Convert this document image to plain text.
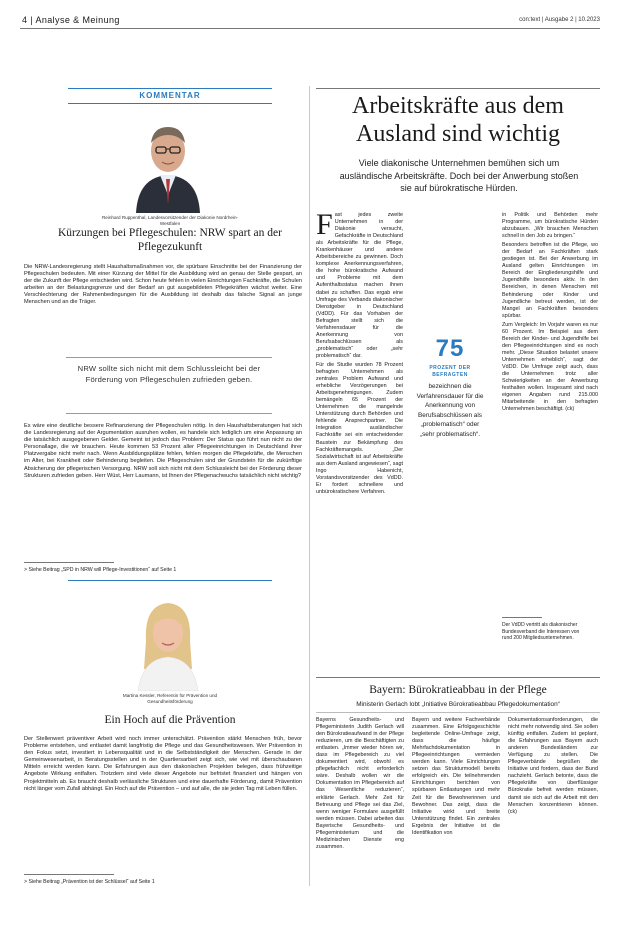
4 | Analyse & Meinung	con:text | Ausgabe 2 | 10.2023
KOMMENTAR
Reinhard Ruppenthal, Landesvorsitzender der Diakonie Nordrhein-Westfalen
Kürzungen bei Pflegeschulen: NRW spart an der Pflegezukunft

Die NRW-Landesregierung stellt Haushaltsmaßnahmen vor, die spürbare Einschnitte bei der Finanzierung der Pflegeschulen bedeuten. Mit einer Kürzung der Mittel für die Ausbildung wird an genau der Stelle gespart, an der die Zukunft der Pflege entschieden wird. Schon heute fehlen in vielen Einrichtungen Fachkräfte, die Schulen arbeiten an der Belastungsgrenze und der Bedarf an gut ausgebildeten Pflegekräften wächst weiter. Eine Verschlechterung der Rahmenbedingungen für die Ausbildung ist deshalb das falsche Signal an junge Menschen und an die Träger.

NRW sollte sich nicht mit dem Schlussleicht bei der Förderung von Pflegeschulen zufrieden geben.

Es wäre eine deutliche bessere Refinanzierung der Pflegeschulen nötig. In den Haushaltsberatungen hat sich die Landesregierung auf der Argumentation ausruhen wollen, es handele sich lediglich um eine Anpassung an die tatsächlich ausgegebenen Gelder. Gemeint ist jedoch das Problem: Der Status quo führt nun nicht zu der Personallage, die wir brauchen. Heute kommen 53 Prozent aller Pflegeeinrichtungen in Deutschland ihrer Platzvergabe nicht mehr nach. Wenn Ausbildungsplätze fehlen, fehlen morgen die Pflegekräfte, die Menschen im Alter, bei Krankheit oder Behinderung begleiten. Die Pflegeschulen sind der Grundstein für die zukünftige Absicherung der pflegerischen Versorgung. NRW soll sich nicht mit dem Schlussleicht bei der Förderung dieser Strukturen zufrieden geben. Herr Wüst, Herr Laumann, ist Ihnen der Pflegenachwuchs tatsächlich nicht wichtig?

> Siehe Beitrag „SPD in NRW will Pflege-Investitionen“ auf Seite 1
Martina Kessler, Referentin für Prävention und Gesundheitsförderung
Ein Hoch auf die Prävention

Der Stellenwert präventiver Arbeit wird noch immer unterschätzt. Prävention stärkt Menschen früh, bevor Probleme entstehen, und entlastet damit langfristig die Pflege und das Gesundheitswesen. Wer Prävention in den Fokus setzt, investiert in Lebensqualität und in die Selbstständigkeit der Menschen. Gerade in der Gemeinwesenarbeit, in Beratungsstellen und in der Quartiersarbeit zeigt sich, wie viel mit überschaubaren Mitteln erreicht werden kann. Die Erfahrungen aus den diakonischen Projekten belegen, dass frühzeitige Angebote Wirkung entfalten. Trotzdem sind viele dieser Angebote nur befristet finanziert und hängen von Projektmitteln ab. Es braucht deshalb verlässliche Strukturen und eine dauerhafte Förderung, damit Prävention nicht länger vom Zufall abhängt. Ein Hoch auf die Prävention – und auf alle, die sie jeden Tag mit Leben füllen.

> Siehe Beitrag „Prävention ist der Schlüssel“ auf Seite 1
Arbeitskräfte aus dem Ausland sind wichtig
Viele diakonische Unternehmen bemühen sich um ausländische Arbeitskräfte. Doch bei der Anwerbung stoßen sie auf bürokratische Hürden.
F ast jedes zweite Unternehmen in der Diakonie versucht, Gefachkräfte in Deutschland als Arbeitskräfte für die Pflege, Krankenhäuser und andere Arbeitsbereiche zu gewinnen. Doch komplexe Anerkennungsverfahren, die hohe bürokratische Aufwand und Probleme mit dem Aufenthaltsstatus machen ihnen dabei zu schaffen. Das ergab eine Umfrage des Verbands diakonischer Dienstgeber in Deutschland (VdDD). Für das Vorhaben der Befragten stellt sich die Verfahrensdauer für die Anerkennung von Berufsabschlüssen als „problematisch“ oder „sehr problematisch“ dar.

Für die Studie wurden 78 Prozent befragten Unternehmen als zentrales Problem Aufwand und erhebliche Verzögerungen bei Arbeitsgenehmigungen. Zudem bemängeln 65 Prozent der Unternehmen die mangelnde Unterstützung durch Behörden und fehlende Ansprechpartner. Die Integration ausländischer Fachkräfte sei ein entscheidender Baustein zur Bekämpfung des Fachkräftemangels. „Der Sozialwirtschaft ist auf Arbeitskräfte aus dem Ausland angewiesen“, sagt Ingo Habenicht, Vorstandsvorsitzender des VdDD. Er fordert schnellere und unbürokratischere Verfahren.

75
PROZENT DER BEFRAGTEN
bezeichnen die Verfahrensdauer für die Anerkennung von Berufsabschlüssen als „problematisch“ oder „sehr problematisch“.

in Politik und Behörden mehr Programme, um bürokratische Hürden abzubauen. „Wir brauchen Menschen schnell in den Job zu bringen.“

Besonders betroffen ist die Pflege, wo der Bedarf an Fachkräften stark gestiegen ist. Bei der Anwerbung im Ausland gelten Einrichtungen im Bereich der Eingliederungshilfe und Jugendhilfe besonders aktiv. In den Bereichen, in denen Menschen mit Behinderung oder Kinder und Jugendliche betreut werden, ist der Mangel an Fachkräften besonders spürbar.

Zum Vergleich: Im Vorjahr waren es nur 60 Prozent. Im Beispiel aus dem Bereich der Kinder- und Jugendhilfe bei den Pflegeeinrichtungen sind es noch mehr. „Diese Situation belastet unsere Unternehmen erheblich“, sagt der VdDD. Die Umfrage zeigt auch, dass die Unternehmen trotz aller Schwierigkeiten an der Anwerbung festhalten wollen. Insgesamt sind nach eigenen Angaben rund 215.000 Mitarbeitende in den befragten Unternehmen beschäftigt. (ck)

Der VdDD vertritt als diakonischer Bundesverband die Interessen von rund 200 Mitgliedsunternehmen.
Bayern: Bürokratieabbau in der Pflege
Ministerin Gerlach lobt „Initiative Bürokratieabbau Pflegedokumentation“
Bayerns Gesundheits- und Pflegeministerin Judith Gerlach will den Bürokratieaufwand in der Pflege reduzieren, um die Beschäftigten zu entlasten. „Immer wieder hören wir, dass im Pflegebereich zu viel dokumentiert wird, obwohl es pflegefachlich nicht erforderlich wäre. Deshalb wollen wir die Dokumentation im Pflegebereich auf das Wesentliche reduzieren“, erklärte Gerlach. Mehr Zeit für Betreuung und Pflege sei das Ziel, wenn weniger Formulare ausgefüllt werden müssen. Dabei arbeiten das Bayerische Gesundheits- und Pflegeministerium und die Medizinischen Dienste eng zusammen.
Bayern und weitere Fachverbände zusammen. Eine Erfolgsgeschichte begleitende Online-Umfrage zeigt, dass die häufige Mehrfachdokumentation in Pflegeeinrichtungen vermieden werden kann. Viele Einrichtungen setzen das Strukturmodell bereits erfolgreich ein. Die teilnehmenden Einrichtungen berichten von spürbaren Entlastungen und mehr Zeit für die Bewohnerinnen und Bewohner. Das zeigt, dass die Initiative wirkt und breite Unterstützung findet. Ein zentrales Ergebnis der Initiative ist die Identifikation von
Dokumentationsanforderungen, die nicht mehr notwendig sind. Sie sollen künftig entfallen. Zudem ist geplant, die Erfahrungen aus Bayern auch anderen Bundesländern zur Verfügung zu stellen. Die Pflegeverbände begrüßen die Initiative und fordern, dass der Bund nachzieht. Gerlach betonte, dass die Pflegekräfte von überflüssiger Bürokratie befreit werden müssen, damit sie sich auf die Arbeit mit den Menschen konzentrieren können. (ck)
